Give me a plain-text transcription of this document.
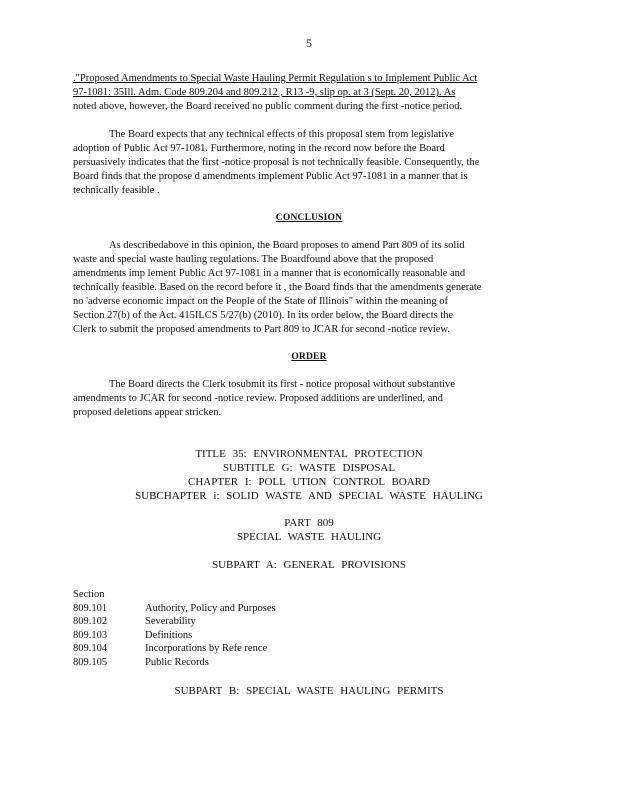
5
."Proposed Amendments to Special Waste Hauling Permit Regulation s to Implement Public Act
97-1081: 35Ill. Adm. Code 809.204 and 809.212 , R13 -9, slip op. at 3 (Sept. 20, 2012). As
noted above, however, the Board received no public comment during the first -notice period.
The Board expects that any technical effects of this proposal stem from legislative
adoption of Public Act 97-1081. Furthermore, noting in the record now before the Board
persuasively indicates that the first -notice proposal is not technically feasible. Consequently, the
Board finds that the propose d amendments implement Public Act 97-1081 in a manner that is
technically feasible .
CONCLUSION
As describedabove in this opinion, the Board proposes to amend Part 809 of its solid
waste and special waste hauling regulations. The Boardfound above that the proposed
amendments imp lement Public Act 97-1081 in a manner that is economically reasonable and
technically feasible. Based on the record before it , the Board finds that the amendments generate
no 'adverse economic impact on the People of the State of Illinois" within the meaning of
Section 27(b) of the Act. 415ILCS 5/27(b) (2010). In its order below, the Board directs the
Clerk to submit the proposed amendments to Part 809 to JCAR for second -notice review.
ORDER
The Board directs the Clerk tosubmit its first - notice proposal without substantive
amendments to JCAR for second -notice review. Proposed additions are underlined, and
proposed deletions appear stricken.
TITLE 35: ENVIRONMENTAL PROTECTION
SUBTITLE G: WASTE DISPOSAL
CHAPTER I: POLL UTION CONTROL BOARD
SUBCHAPTER i: SOLID WASTE AND SPECIAL WASTE HAULING
PART 809
SPECIAL WASTE HAULING
SUBPART A: GENERAL PROVISIONS
Section
809.101	Authority, Policy and Purposes
809.102	Severability
809.103	Definitions
809.104	Incorporations by Refe rence
809.105	Public Records
SUBPART B: SPECIAL WASTE HAULING PERMITS
